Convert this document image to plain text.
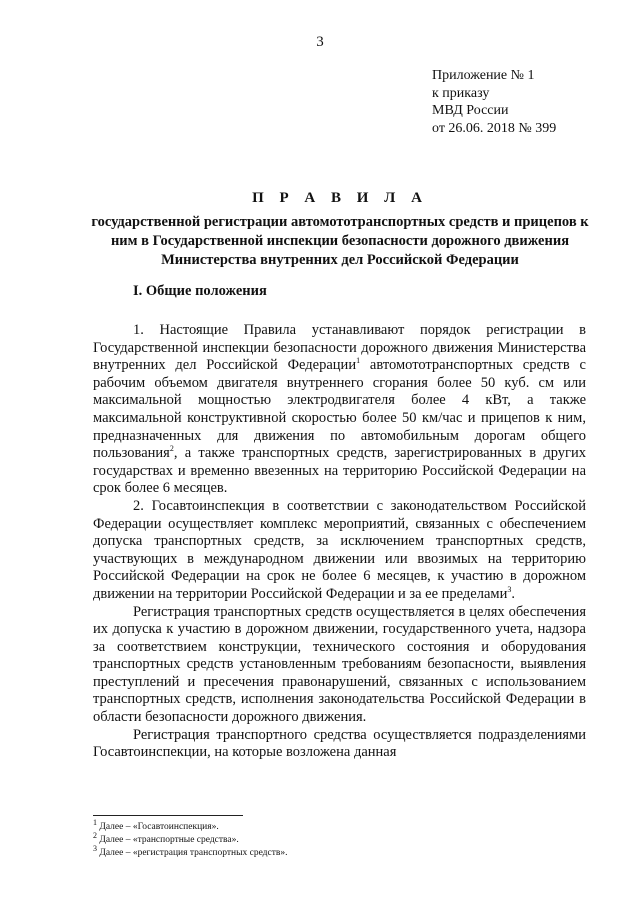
3
Приложение № 1
к приказу
МВД России
от 26.06. 2018 № 399
П Р А В И Л А
государственной регистрации автомототранспортных средств и прицепов к ним в Государственной инспекции безопасности дорожного движения Министерства внутренних дел Российской Федерации
I. Общие положения

1. Настоящие Правила устанавливают порядок регистрации в Государственной инспекции безопасности дорожного движения Министерства внутренних дел Российской Федерации$^1$ автомототранспортных средств с рабочим объемом двигателя внутреннего сгорания более 50 куб. см или максимальной мощностью электродвигателя более 4 кВт, а также максимальной конструктивной скоростью более 50 км/час и прицепов к ним, предназначенных для движения по автомобильным дорогам общего пользования$^2$, а также транспортных средств, зарегистрированных в других государствах и временно ввезенных на территорию Российской Федерации на срок более 6 месяцев.

2. Госавтоинспекция в соответствии с законодательством Российской Федерации осуществляет комплекс мероприятий, связанных с обеспечением допуска транспортных средств, за исключением транспортных средств, участвующих в международном движении или ввозимых на территорию Российской Федерации на срок не более 6 месяцев, к участию в дорожном движении на территории Российской Федерации и за ее пределами$^3$.

Регистрация транспортных средств осуществляется в целях обеспечения их допуска к участию в дорожном движении, государственного учета, надзора за соответствием конструкции, технического состояния и оборудования транспортных средств установленным требованиям безопасности, выявления преступлений и пресечения правонарушений, связанных с использованием транспортных средств, исполнения законодательства Российской Федерации в области безопасности дорожного движения.

Регистрация транспортного средства осуществляется подразделениями Госавтоинспекции, на которые возложена данная

$^1$ Далее – «Госавтоинспекция».
$^2$ Далее – «транспортные средства».
$^3$ Далее – «регистрация транспортных средств».
